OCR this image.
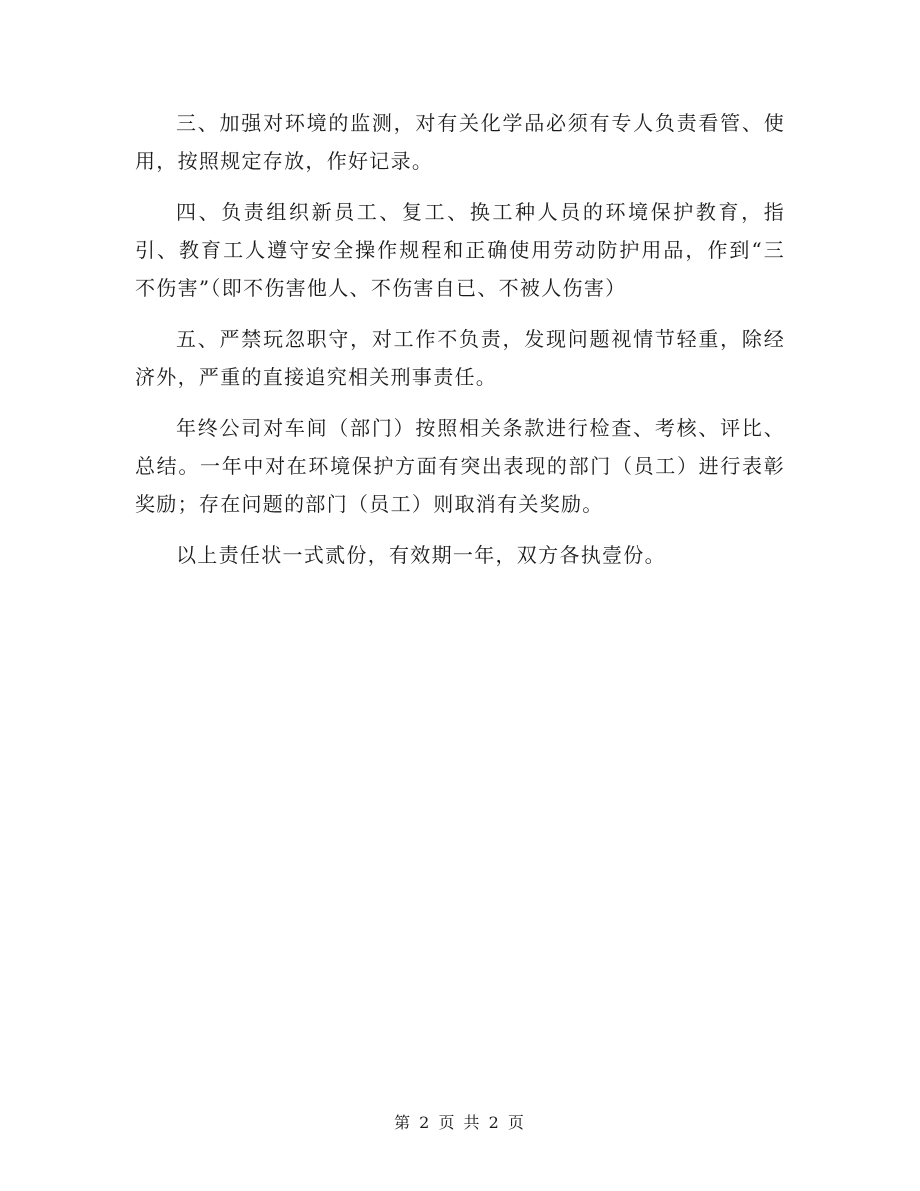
三、加强对环境的监测，对有关化学品必须有专人负责看管、使用，按照规定存放，作好记录。

四、负责组织新员工、复工、换工种人员的环境保护教育，指引、教育工人遵守安全操作规程和正确使用劳动防护用品，作到“三不伤害”（即不伤害他人、不伤害自已、不被人伤害）

五、严禁玩忽职守，对工作不负责，发现问题视情节轻重，除经济外，严重的直接追究相关刑事责任。

年终公司对车间（部门）按照相关条款进行检查、考核、评比、总结。一年中对在环境保护方面有突出表现的部门（员工）进行表彰奖励；存在问题的部门（员工）则取消有关奖励。

以上责任状一式贰份，有效期一年，双方各执壹份。

第 2 页 共 2 页
